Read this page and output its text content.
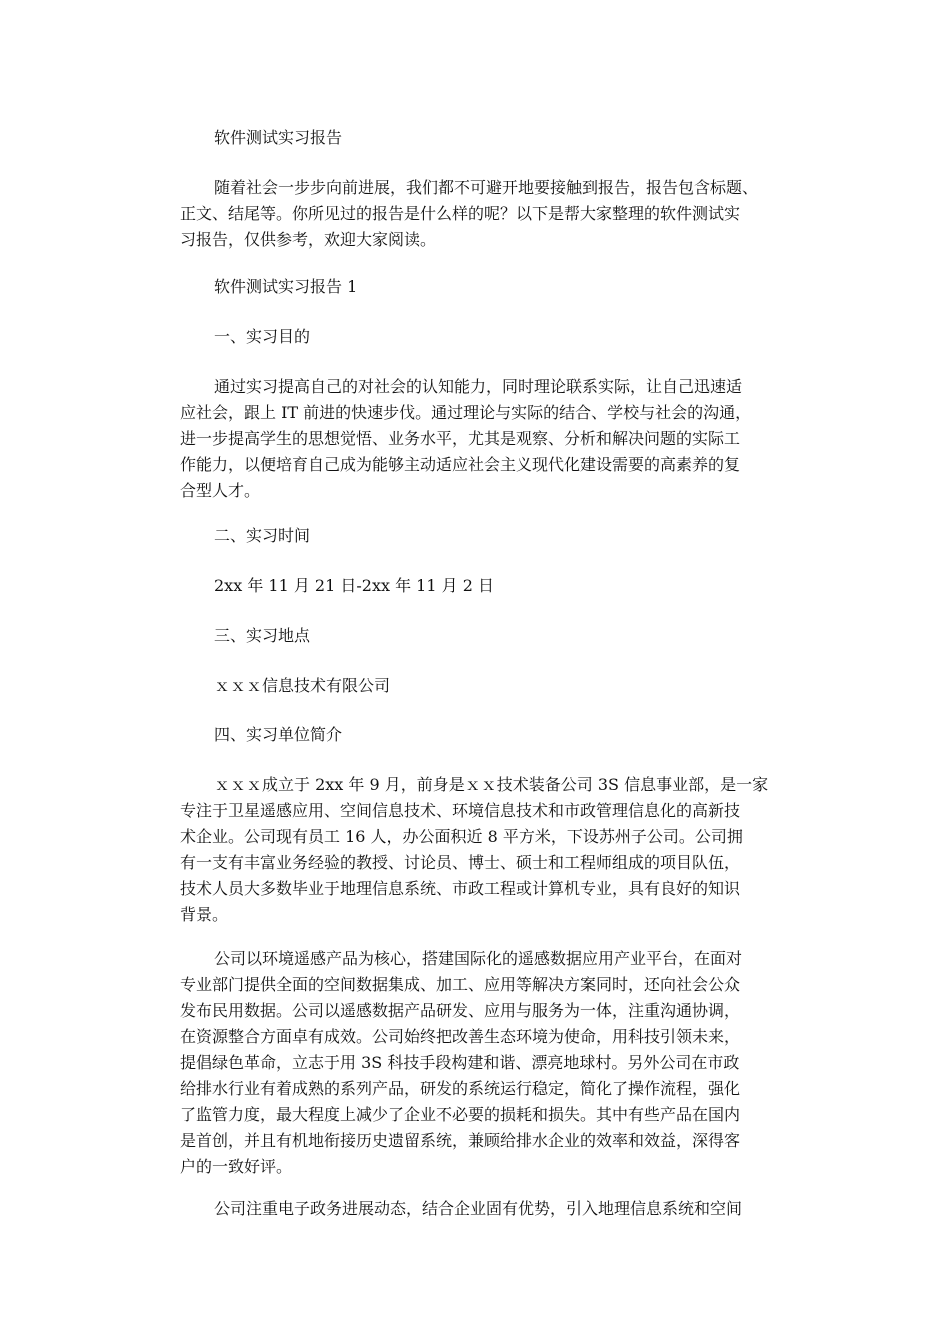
软件测试实习报告

随着社会一步步向前进展，我们都不可避开地要接触到报告，报告包含标题、
正文、结尾等。你所见过的报告是什么样的呢？以下是帮大家整理的软件测试实
习报告，仅供参考，欢迎大家阅读。

软件测试实习报告 1

一、实习目的

通过实习提高自己的对社会的认知能力，同时理论联系实际，让自己迅速适
应社会，跟上 IT 前进的快速步伐。通过理论与实际的结合、学校与社会的沟通，
进一步提高学生的思想觉悟、业务水平，尤其是观察、分析和解决问题的实际工
作能力，以便培育自己成为能够主动适应社会主义现代化建设需要的高素养的复
合型人才。

二、实习时间

2xx 年 11 月 21 日-2xx 年 11 月 2 日

三、实习地点

ｘｘｘ信息技术有限公司

四、实习单位简介

ｘｘｘ成立于 2xx 年 9 月，前身是ｘｘ技术装备公司 3S 信息事业部，是一家
专注于卫星遥感应用、空间信息技术、环境信息技术和市政管理信息化的高新技
术企业。公司现有员工 16 人，办公面积近 8 平方米，下设苏州子公司。公司拥
有一支有丰富业务经验的教授、讨论员、博士、硕士和工程师组成的项目队伍，
技术人员大多数毕业于地理信息系统、市政工程或计算机专业，具有良好的知识
背景。

公司以环境遥感产品为核心，搭建国际化的遥感数据应用产业平台，在面对
专业部门提供全面的空间数据集成、加工、应用等解决方案同时，还向社会公众
发布民用数据。公司以遥感数据产品研发、应用与服务为一体，注重沟通协调，
在资源整合方面卓有成效。公司始终把改善生态环境为使命，用科技引领未来，
提倡绿色革命，立志于用 3S 科技手段构建和谐、漂亮地球村。另外公司在市政
给排水行业有着成熟的系列产品，研发的系统运行稳定，简化了操作流程，强化
了监管力度，最大程度上减少了企业不必要的损耗和损失。其中有些产品在国内
是首创，并且有机地衔接历史遗留系统，兼顾给排水企业的效率和效益，深得客
户的一致好评。

公司注重电子政务进展动态，结合企业固有优势，引入地理信息系统和空间
